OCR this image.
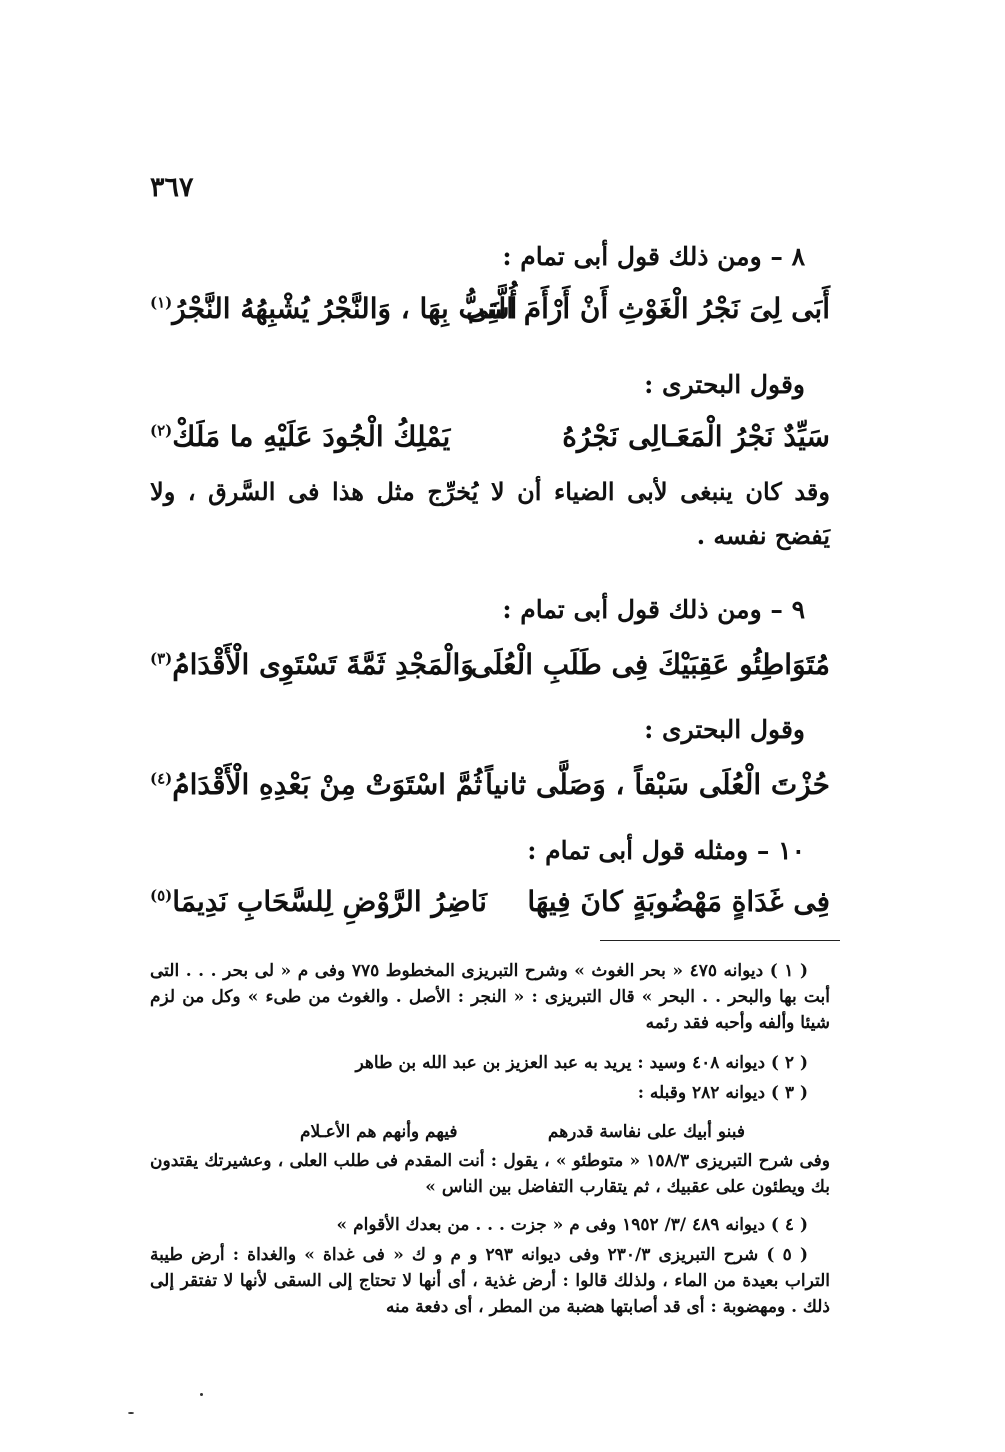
٣٦٧
٨ – ومن ذلك قول أبى تمام :
أَبَى لِىَ نَجْرُ الْغَوْثِ أَنْ أَرْأَمَ الَّتِى
أُسَبُّ بِهَا ، وَالنَّجْرُ يُشْبِهُهُ النَّجْرُ$^{(١)}$
وقول البحترى :
سَيِّدٌ نَجْرُ الْمَعَـالِى نَجْرُهُ
يَمْلِكُ الْجُودَ عَلَيْهِ ما مَلَكْ$^{(٢)}$
وقد كان ينبغى لأبى الضياء أن لا يُخرِّج مثل هذا فى السَّرق ، ولا يَفضح نفسه .
٩ – ومن ذلك قول أبى تمام :
مُتَوَاطِئُو عَقِبَيْكَ فِى طَلَبِ الْعُلَى
وَالْمَجْدِ ثَمَّةَ تَسْتَوِى الْأَقْدَامُ$^{(٣)}$
وقول البحترى :
حُزْتَ الْعُلَى سَبْقاً ، وَصَلَّى ثانياً
ثُمَّ اسْتَوَتْ مِنْ بَعْدِهِ الْأَقْدَامُ$^{(٤)}$
١٠ – ومثله قول أبى تمام :
فِى غَدَاةٍ مَهْضُوبَةٍ كانَ فِيهَا
نَاضِرُ الرَّوْضِ لِلسَّحَابِ نَدِيمَا$^{(٥)}$
( ١ ) ديوانه ٤٧٥ « بحر الغوث » وشرح التبريزى المخطوط ٧٧٥ وفى م « لى بحر . . . التى أبت بها والبحر . . البحر » قال التبريزى : « النجر : الأصل . والغوث من طىء » وكل من لزم شيئا وألفه وأحبه فقد رئمه
( ٢ ) ديوانه ٤٠٨ وسيد : يريد به عبد العزيز بن عبد الله بن طاهر
( ٣ ) ديوانه ٢٨٢ وقبله :
فبنو أبيك على نفاسة قدرهم
فيهم وأنهم هم الأعـلام
وفى شرح التبريزى ١٥٨/٣ « متوطئو » ، يقول : أنت المقدم فى طلب العلى ، وعشيرتك يقتدون بك ويطئون على عقبيك ، ثم يتقارب التفاضل بين الناس »
( ٤ ) ديوانه ٤٨٩ /٣/ ١٩٥٢ وفى م « جزت . . . من بعدك الأقوام »
( ٥ ) شرح التبريزى ٢٣٠/٣ وفى ديوانه ٢٩٣ و م و ك « فى غداة » والغداة : أرض طيبة التراب بعيدة من الماء ، ولذلك قالوا : أرض غذية ، أى أنها لا تحتاج إلى السقى لأنها لا تفتقر إلى ذلك . ومهضوبة : أى قد أصابتها هضبة من المطر ، أى دفعة منه
